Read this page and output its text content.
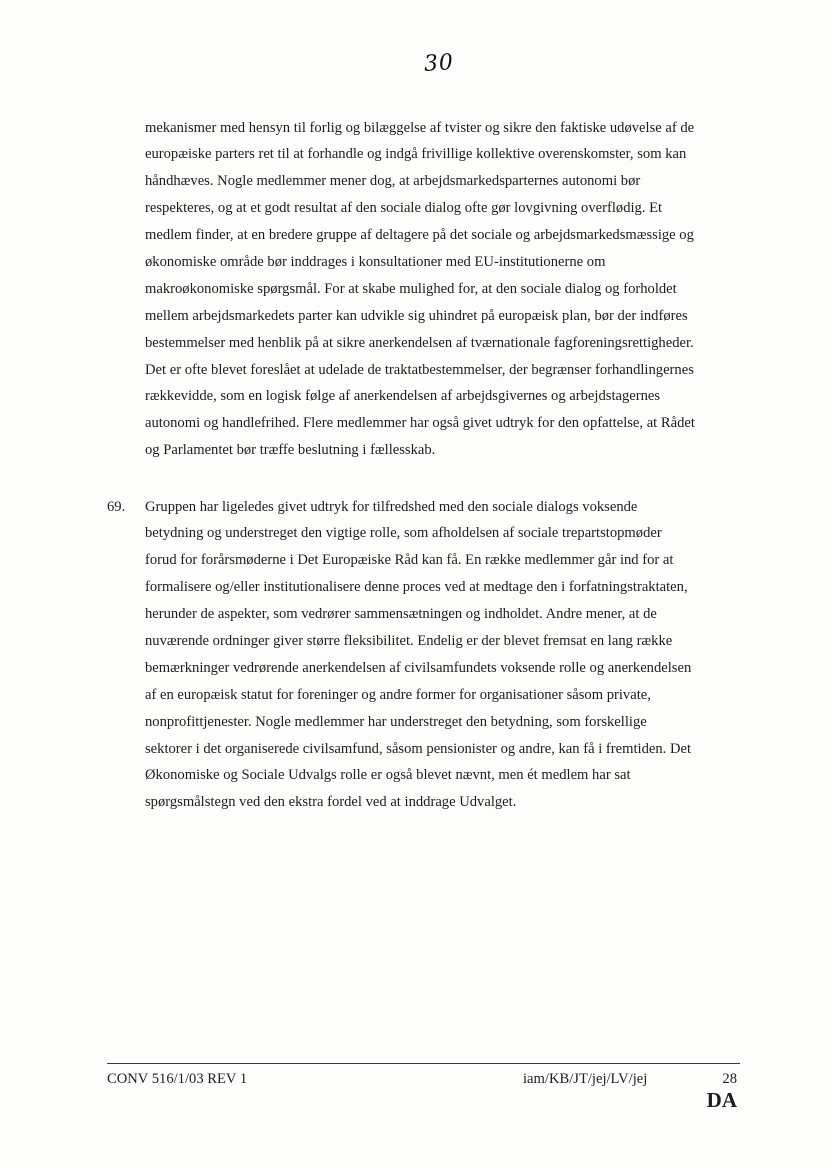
30
mekanismer med hensyn til forlig og bilæggelse af tvister og sikre den faktiske udøvelse af de
europæiske parters ret til at forhandle og indgå frivillige kollektive overenskomster, som kan
håndhæves. Nogle medlemmer mener dog, at arbejdsmarkedsparternes autonomi bør
respekteres, og at et godt resultat af den sociale dialog ofte gør lovgivning overflødig. Et
medlem finder, at en bredere gruppe af deltagere på det sociale og arbejdsmarkedsmæssige og
økonomiske område bør inddrages i konsultationer med EU-institutionerne om
makroøkonomiske spørgsmål. For at skabe mulighed for, at den sociale dialog og forholdet
mellem arbejdsmarkedets parter kan udvikle sig uhindret på europæisk plan, bør der indføres
bestemmelser med henblik på at sikre anerkendelsen af tværnationale fagforeningsrettigheder.
Det er ofte blevet foreslået at udelade de traktatbestemmelser, der begrænser forhandlingernes
rækkevidde, som en logisk følge af anerkendelsen af arbejdsgivernes og arbejdstagernes
autonomi og handlefrihed. Flere medlemmer har også givet udtryk for den opfattelse, at Rådet
og Parlamentet bør træffe beslutning i fællesskab.
69. Gruppen har ligeledes givet udtryk for tilfredshed med den sociale dialogs voksende
betydning og understreget den vigtige rolle, som afholdelsen af sociale trepartstopmøder
forud for forårsmøderne i Det Europæiske Råd kan få. En række medlemmer går ind for at
formalisere og/eller institutionalisere denne proces ved at medtage den i forfatningstraktaten,
herunder de aspekter, som vedrører sammensætningen og indholdet. Andre mener, at de
nuværende ordninger giver større fleksibilitet. Endelig er der blevet fremsat en lang række
bemærkninger vedrørende anerkendelsen af civilsamfundets voksende rolle og anerkendelsen
af en europæisk statut for foreninger og andre former for organisationer såsom private,
nonprofittjenester. Nogle medlemmer har understreget den betydning, som forskellige
sektorer i det organiserede civilsamfund, såsom pensionister og andre, kan få i fremtiden. Det
Økonomiske og Sociale Udvalgs rolle er også blevet nævnt, men ét medlem har sat
spørgsmålstegn ved den ekstra fordel ved at inddrage Udvalget.
CONV 516/1/03 REV 1	iam/KB/JT/jej/LV/jej	28
DA
